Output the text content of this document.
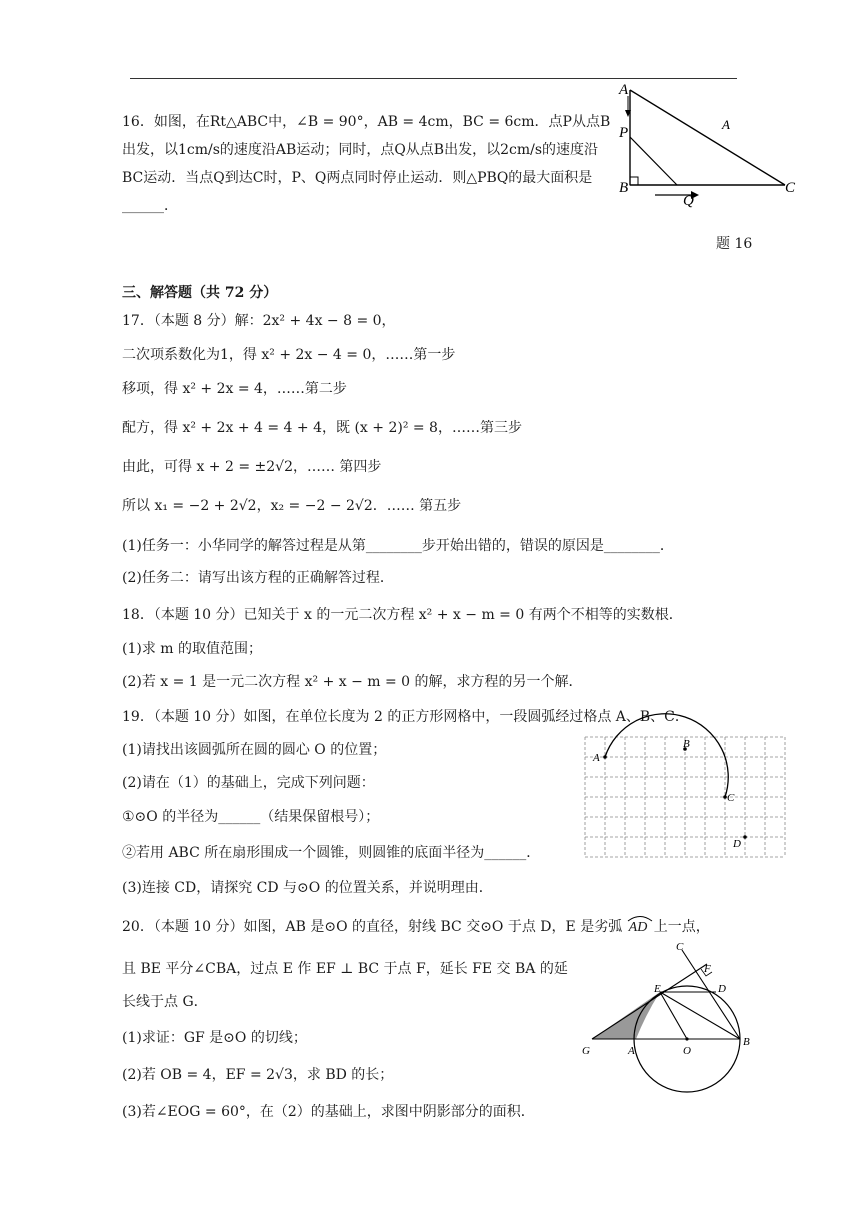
16．如图，在Rt△ABC中，∠B = 90°，AB = 4cm，BC = 6cm．点P从点B出发，以1cm/s的速度沿AB运动；同时，点Q从点B出发，以2cm/s的速度沿BC运动．当点Q到达C时，P、Q两点同时停止运动．则△PBQ的最大面积是______．
A
P
B
Q
C
A
题 16
三、解答题（共 72 分）
17．（本题 8 分）解：2x² + 4x − 8 = 0，
二次项系数化为1，得 x² + 2x − 4 = 0，……第一步
移项，得 x² + 2x = 4，……第二步
配方，得 x² + 2x + 4 = 4 + 4，既 (x + 2)² = 8，……第三步
由此，可得 x + 2 = ±2√2，…… 第四步
所以 x₁ = −2 + 2√2，x₂ = −2 − 2√2．…… 第五步
(1)任务一：小华同学的解答过程是从第________步开始出错的，错误的原因是________．
(2)任务二：请写出该方程的正确解答过程．
18．（本题 10 分）已知关于 x 的一元二次方程 x² + x − m = 0 有两个不相等的实数根．
(1)求 m 的取值范围；
(2)若 x = 1 是一元二次方程 x² + x − m = 0 的解，求方程的另一个解．
19．（本题 10 分）如图，在单位长度为 2 的正方形网格中，一段圆弧经过格点 A、B、C．
(1)请找出该圆弧所在圆的圆心 O 的位置；
(2)请在（1）的基础上，完成下列问题：
①⊙O 的半径为______（结果保留根号）；
②若用 ABC 所在扇形围成一个圆锥，则圆锥的底面半径为______．
(3)连接 CD，请探究 CD 与⊙O 的位置关系，并说明理由．
A
B
C
D
20．（本题 10 分）如图，AB 是⊙O 的直径，射线 BC 交⊙O 于点 D，E 是劣弧 AD 上一点，
且 BE 平分∠CBA，过点 E 作 EF ⊥ BC 于点 F，延长 FE 交 BA 的延
长线于点 G．
(1)求证：GF 是⊙O 的切线；
(2)若 OB = 4，EF = 2√3，求 BD 的长；
(3)若∠EOG = 60°，在（2）的基础上，求图中阴影部分的面积．
C
F
E	D
G	A	O
B
